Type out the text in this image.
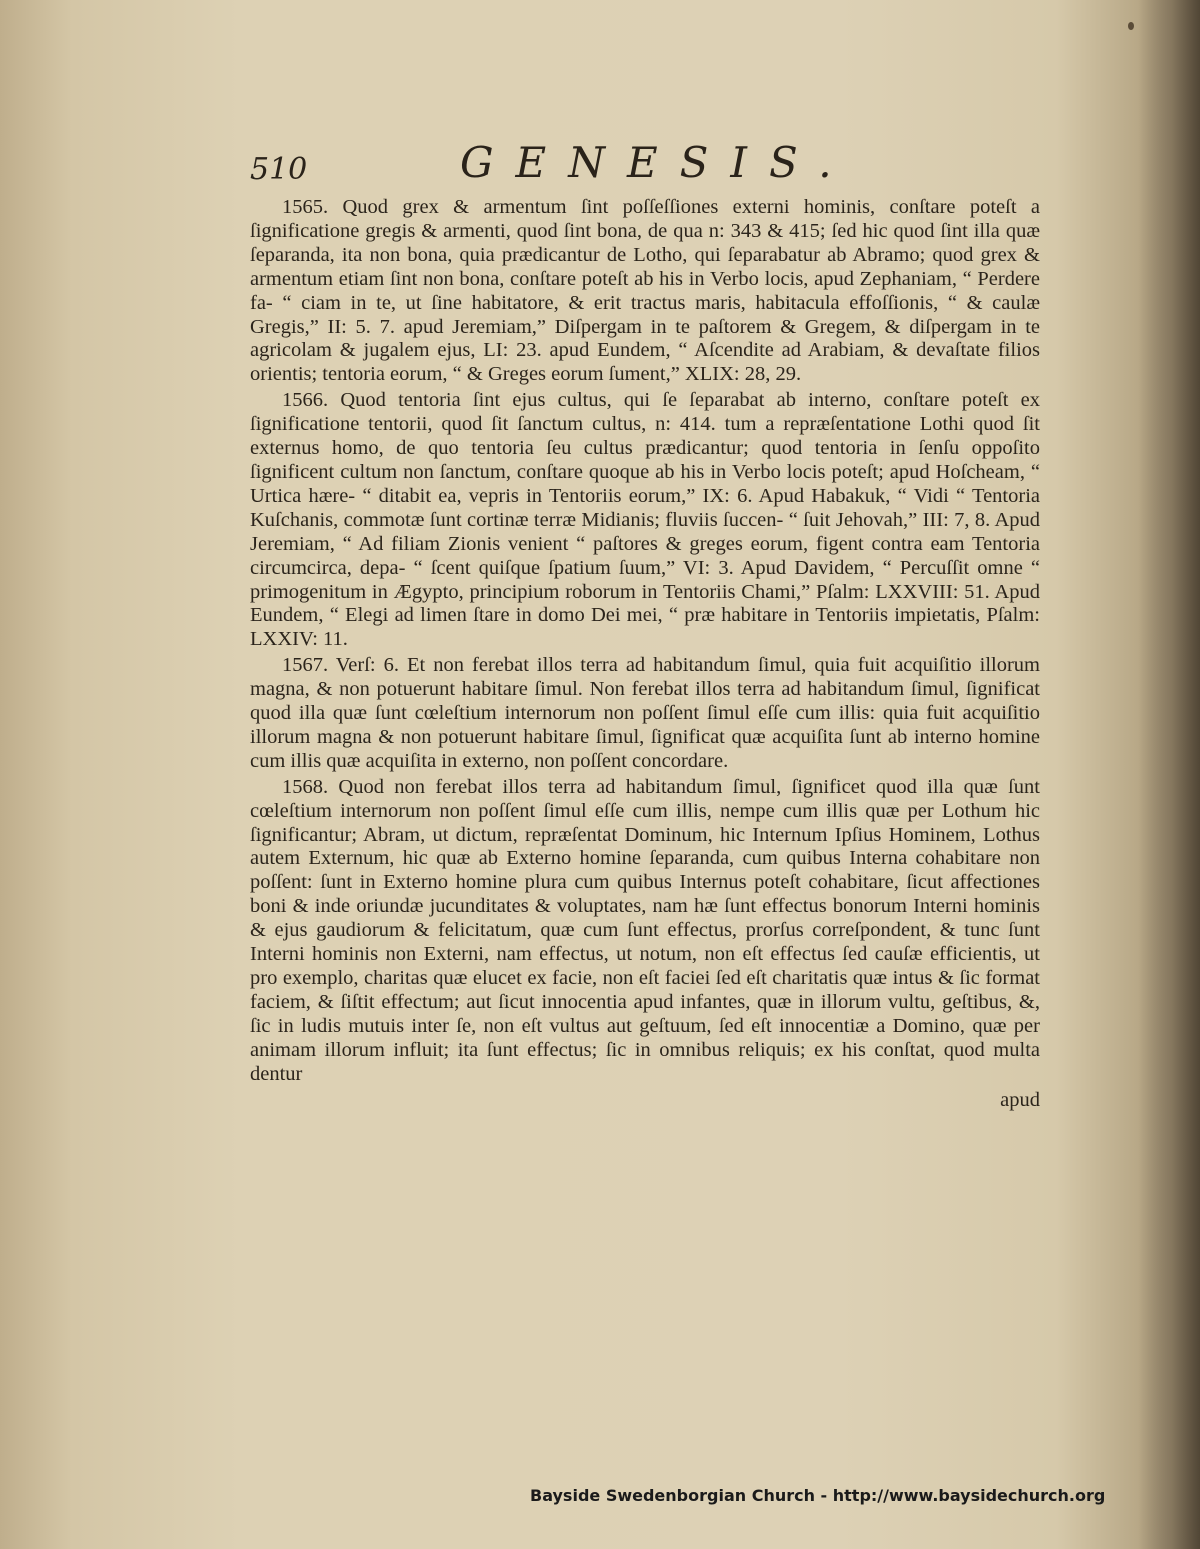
510	GENESIS.

1565. Quod grex & armentum ſint poſſeſſiones externi hominis, conſtare poteſt a ſignificatione gregis & armenti, quod ſint bona, de qua n: 343 & 415; ſed hic quod ſint illa quæ ſeparanda, ita non bona, quia prædicantur de Lotho, qui ſeparabatur ab Abramo; quod grex & armentum etiam ſint non bona, conſtare poteſt ab his in Verbo locis, apud Zephaniam, “ Perdere fa- “ ciam in te, ut ſine habitatore, & erit tractus maris, habitacula effoſſionis, “ & caulæ Gregis,” II: 5. 7. apud Jeremiam,” Diſpergam in te paſtorem & Gregem, & diſpergam in te agricolam & jugalem ejus, LI: 23. apud Eundem, “ Aſcendite ad Arabiam, & devaſtate filios orientis; tentoria eorum, “ & Greges eorum ſument,” XLIX: 28, 29.

1566. Quod tentoria ſint ejus cultus, qui ſe ſeparabat ab interno, conſtare poteſt ex ſignificatione tentorii, quod ſit ſanctum cultus, n: 414. tum a repræſentatione Lothi quod ſit externus homo, de quo tentoria ſeu cultus prædicantur; quod tentoria in ſenſu oppoſito ſignificent cultum non ſanctum, conſtare quoque ab his in Verbo locis poteſt; apud Hoſcheam, “ Urtica hære- “ ditabit ea, vepris in Tentoriis eorum,” IX: 6. Apud Habakuk, “ Vidi “ Tentoria Kuſchanis, commotæ ſunt cortinæ terræ Midianis; fluviis ſuccen- “ ſuit Jehovah,” III: 7, 8. Apud Jeremiam, “ Ad filiam Zionis venient “ paſtores & greges eorum, figent contra eam Tentoria circumcirca, depa- “ ſcent quiſque ſpatium ſuum,” VI: 3. Apud Davidem, “ Percuſſit omne “ primogenitum in Ægypto, principium roborum in Tentoriis Chami,” Pſalm: LXXVIII: 51. Apud Eundem, “ Elegi ad limen ſtare in domo Dei mei, “ præ habitare in Tentoriis impietatis, Pſalm: LXXIV: 11.

1567. Verſ: 6. Et non ferebat illos terra ad habitandum ſimul, quia fuit acquiſitio illorum magna, & non potuerunt habitare ſimul. Non ferebat illos terra ad habitandum ſimul, ſignificat quod illa quæ ſunt cœleſtium internorum non poſſent ſimul eſſe cum illis: quia fuit acquiſitio illorum magna & non potuerunt habitare ſimul, ſignificat quæ acquiſita ſunt ab interno homine cum illis quæ acquiſita in externo, non poſſent concordare.

1568. Quod non ferebat illos terra ad habitandum ſimul, ſignificet quod illa quæ ſunt cœleſtium internorum non poſſent ſimul eſſe cum illis, nempe cum illis quæ per Lothum hic ſignificantur; Abram, ut dictum, repræſentat Dominum, hic Internum Ipſius Hominem, Lothus autem Externum, hic quæ ab Externo homine ſeparanda, cum quibus Interna cohabitare non poſſent: ſunt in Externo homine plura cum quibus Internus poteſt cohabitare, ſicut affectiones boni & inde oriundæ jucunditates & voluptates, nam hæ ſunt effectus bonorum Interni hominis & ejus gaudiorum & felicitatum, quæ cum ſunt effectus, prorſus correſpondent, & tunc ſunt Interni hominis non Externi, nam effectus, ut notum, non eſt effectus ſed cauſæ efficientis, ut pro exemplo, charitas quæ elucet ex facie, non eſt faciei ſed eſt charitatis quæ intus & ſic format faciem, & ſiſtit effectum; aut ſicut innocentia apud infantes, quæ in illorum vultu, geſtibus, &, ſic in ludis mutuis inter ſe, non eſt vultus aut geſtuum, ſed eſt innocentiæ a Domino, quæ per animam illorum influit; ita ſunt effectus; ſic in omnibus reliquis; ex his conſtat, quod multa dentur

apud
Bayside Swedenborgian Church - http://www.baysidechurch.org
